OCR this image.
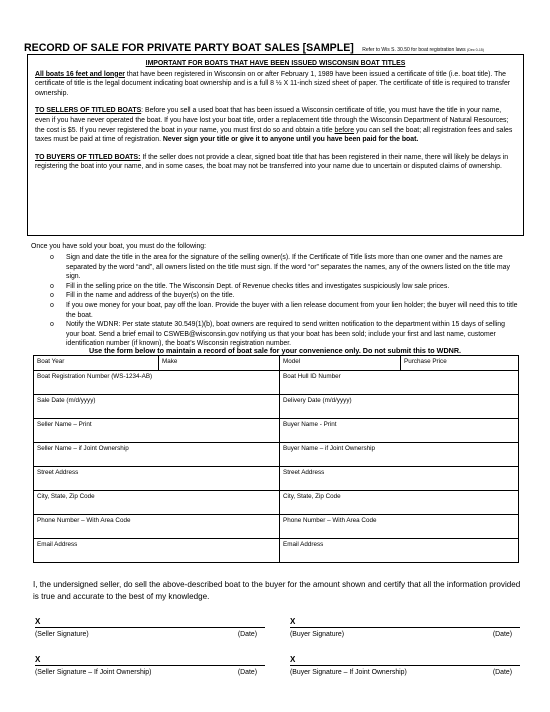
RECORD OF SALE FOR PRIVATE PARTY BOAT SALES [SAMPLE] Refer to Wis S. 30.50 for boat registration laws (Dec 0-15)
IMPORTANT FOR BOATS THAT HAVE BEEN ISSUED WISCONSIN BOAT TITLES

All boats 16 feet and longer that have been registered in Wisconsin on or after February 1, 1989 have been issued a certificate of title (i.e. boat title). The certificate of title is the legal document indicating boat ownership and is a full 8 ½ X 11-inch sized sheet of paper. The certificate of title is required to transfer ownership.

TO SELLERS OF TITLED BOATS: Before you sell a used boat that has been issued a Wisconsin certificate of title, you must have the title in your name, even if you have never operated the boat. If you have lost your boat title, order a replacement title through the Wisconsin Department of Natural Resources; the cost is $5. If you never registered the boat in your name, you must first do so and obtain a title before you can sell the boat; all registration fees and sales taxes must be paid at time of registration. Never sign your title or give it to anyone until you have been paid for the boat.

TO BUYERS OF TITLED BOATS: If the seller does not provide a clear, signed boat title that has been registered in their name, there will likely be delays in registering the boat into your name, and in some cases, the boat may not be transferred into your name due to uncertain or disputed claims of ownership.

Once you have sold your boat, you must do the following:
o Sign and date the title in the area for the signature of the selling owner(s). If the Certificate of Title lists more than one owner and the names are separated by the word “and”, all owners listed on the title must sign. If the word “or” separates the names, any of the owners listed on the title may sign.
o Fill in the selling price on the title. The Wisconsin Dept. of Revenue checks titles and investigates suspiciously low sale prices.
o Fill in the name and address of the buyer(s) on the title.
o If you owe money for your boat, pay off the loan. Provide the buyer with a lien release document from your lien holder; the buyer will need this to title the boat.
o Notify the WDNR: Per state statute 30.549(1)(b), boat owners are required to send written notification to the department within 15 days of selling your boat. Send a brief email to CSWEB@wisconsin.gov notifying us that your boat has been sold; include your first and last name, customer identification number (if known), the boat’s Wisconsin registration number.
Use the form below to maintain a record of boat sale for your convenience only. Do not submit this to WDNR.
Boat Year	Make	Model	Purchase Price
Boat Registration Number (WS-1234-AB)		Boat Hull ID Number	
Sale Date (m/d/yyyy)		Delivery Date (m/d/yyyy)	
Seller Name – Print		Buyer Name - Print	
Seller Name – if Joint Ownership		Buyer Name – if Joint Ownership	
Street Address		Street Address	
City, State, Zip Code		City, State, Zip Code	
Phone Number – With Area Code		Phone Number – With Area Code	
Email Address		Email Address	
I, the undersigned seller, do sell the above-described boat to the buyer for the amount shown and certify that all the information provided is true and accurate to the best of my knowledge.
X
(Seller Signature)	(Date)
X
(Buyer Signature)	(Date)
X
(Seller Signature – If Joint Ownership)	(Date)
X
(Buyer Signature – If Joint Ownership)	(Date)
